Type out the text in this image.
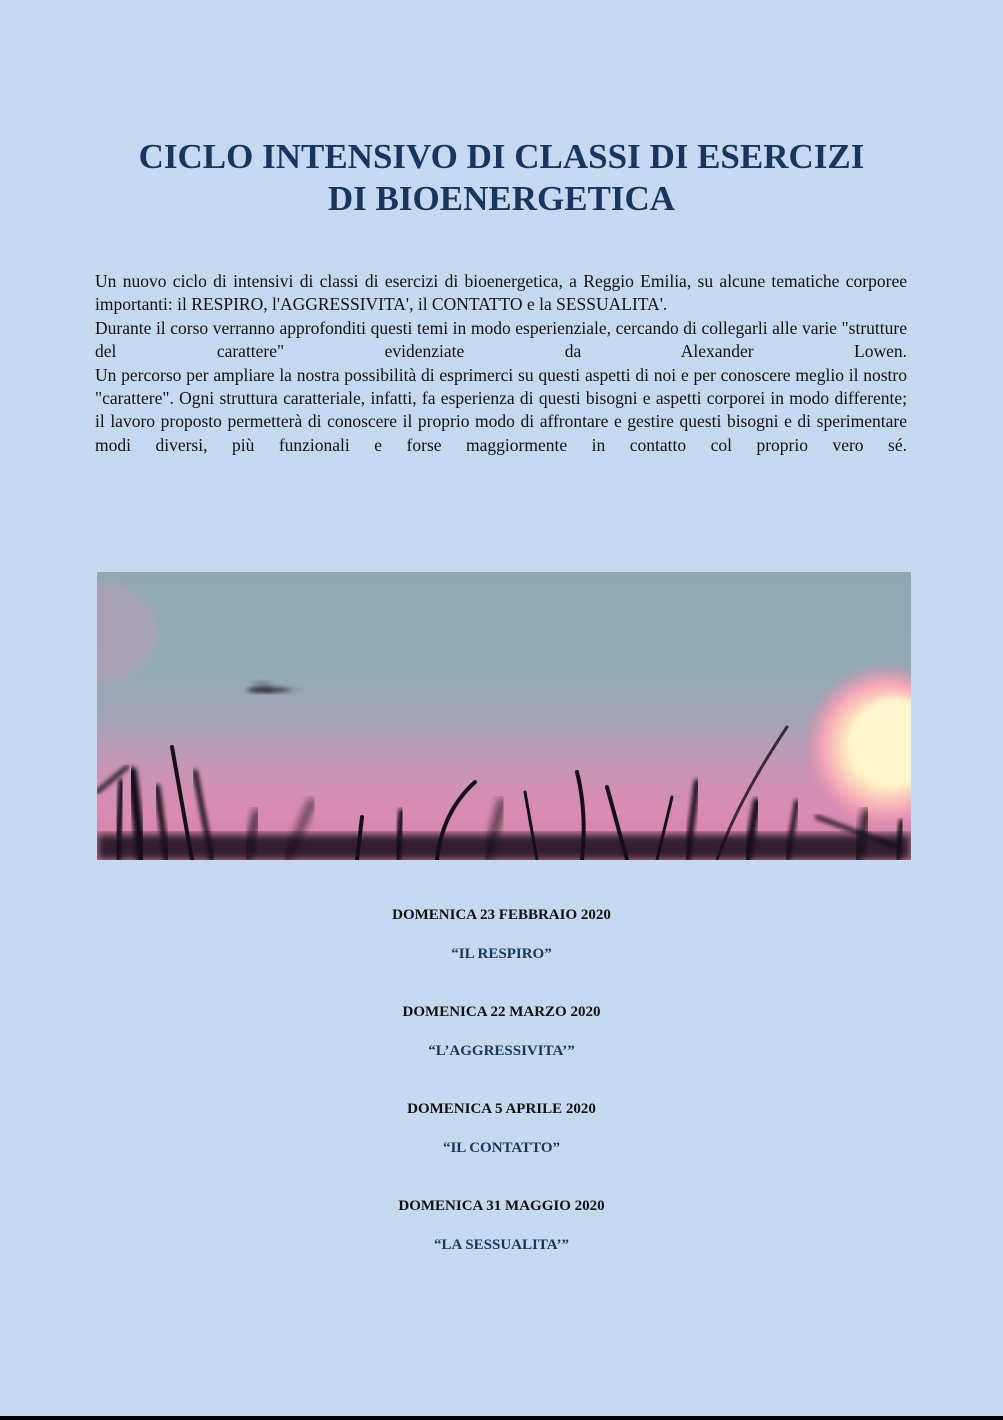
CICLO INTENSIVO DI CLASSI DI ESERCIZI
DI BIOENERGETICA

Un nuovo ciclo di intensivi di classi di esercizi di bioenergetica, a Reggio Emilia, su alcune tematiche corporee importanti: il RESPIRO, l'AGGRESSIVITA', il CONTATTO e la SESSUALITA'.

Durante il corso verranno approfonditi questi temi in modo esperienziale, cercando di collegarli alle varie "strutture del carattere" evidenziate da Alexander Lowen.

Un percorso per ampliare la nostra possibilità di esprimerci su questi aspetti di noi e per conoscere meglio il nostro "carattere". Ogni struttura caratteriale, infatti, fa esperienza di questi bisogni e aspetti corporei in modo differente; il lavoro proposto permetterà di conoscere il proprio modo di affrontare e gestire questi bisogni e di sperimentare modi diversi, più funzionali e forse maggiormente in contatto col proprio vero sé.

DOMENICA 23 FEBBRAIO 2020
“IL RESPIRO”
DOMENICA 22 MARZO 2020
“L’AGGRESSIVITA’”
DOMENICA 5 APRILE 2020
“IL CONTATTO”
DOMENICA 31 MAGGIO 2020
“LA SESSUALITA’”
